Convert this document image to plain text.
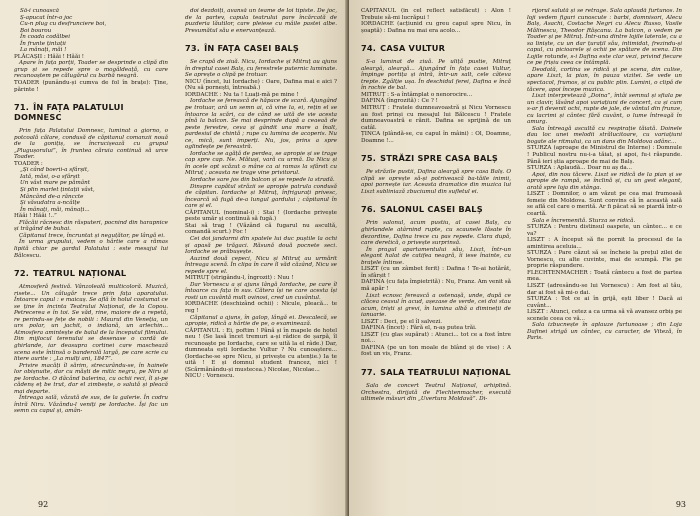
Să-i cunoască

Ș-apucat într-o joc

Cu-n plug cu desfrunciere boi,

Boi bourou

În coada codălbei

În frunte țintații

La mânați, măi !

PLĂCAȘII : Hăăi ! Hăăi !

Apare în fața porții, Toader se desprinde o clipă din grup și se repede spre o mogâldeață, cu care recunoaștem pe călugărul cu barbă neagră.

TOADER (punându-și cumva de fol în brațe): Ține, părinte !

71. ÎN FAȚA PALATULUI DOMNESC

Prin fața Palatului Domnesc, luminat a giorno, o potcoală călare, condusă de căpitanul comanzii nouă de la gonițiș, se încrucișează cu grupul „Plugușorului”, în fruntea căruia continuă să urce Toader.

TOADER :

„Și când boerii-a sfârșit,

Iată, măsi, o-a sfârșit

Un vâst mare pe pământ

Și plin marlet țintații vâst,

Mâncând de-a rănccte

Și văsudatra a-ncâlțe

În mânați, măi, mânați...

Hăăi ! Hăăi !..”

Flăcăii răcnesc din răsputeri, pocnind din harapnice și trăgând de buhai.

Căpitanul trece, încruntat și neguțător, pe lângă ei.

În urma grupului, vedem o hârtie care a rămas lipită chiar pe gardul Palatului : este mesajul lui Bălcescu.

72. TEATRUL NAȚIONAL

Atmosferă festivă. Vânzoleală multicoloră. Muzică, risete... Un câlugăr trece prin fața aparatului. Întoarce capul : e maicaș. Se află în holul costumat ce se ține în incinta Teatrului Național, de la Copou. Petrecerea e în toi. Se văd, rine, maiore de a repetă, re perindu-se fețe de nobili : Maurul din Veneția, un urs polar, un jachit, o indiană, un arlechin... Atmosfera amintește de balul de la începutul filmului. Din mijlocul terenului se desenase o cordă de ghirlande, iar deasupra cortinei care maschează scena este întinsă o banderolă largă, pe care scrie cu litere aurite : „La mulți ani, 1847”.

Privire macăți îl sărim, strecurându-se, în hainele lor obișnuite, dar cu măști de mitic negru, pe Niru și pe Iordache. O dâcând balerina, cu ochii reci, îl și-pe cădenș eț be trut, dar el zimbește, o salută și pleacă mai departe.

Întreaga sală, văzută de sus, de la galerie. În codru întră Niru. Văzându-l veniți pe Iordache. Își fac un semn cu capul și, amân-

doi dezdoiți, avansă un teame de loi tipiste. De joc, de la partev, capula teatrului pare încărcată de puzderia lăutilor, care pleiese cu mâile pastei albe. Presumătul său e enervanțează.

73. ÎN FAȚA CASEI BALȘ

Se crapă de ziuă. Nicu, Iordache și Mitruț au ajuns în dreptul casei Balș, cu ferestrele puternic luminate. Se aprește o clipă pe trotuar.

NICU (încet, lui Iordache) : Oare, Dafina mai e aici ? (Nu să pornești, întreabă.)

IORDACHE : Nu ta ! Luați-mă pe mine !

Iordache se ferească de hăpace de scară. Ajungând pe trotuar, ară un semn ai, că vine la, ei, rețin el se întoarce la scări, ca de când se uită de vie acesta pînă la balcon. Se mai desprinde după a ceaeaă de peste ferestre, ceva și gândit una mare a înalt, pardesiul de chintă ; rupe cu lumina de acoperis. Nu ce, mică, sunt imperți. Nu, jos, prins a spre oglindește pe fereastră.

Iordache se agăță de perdea, se apropie și se trage cap spre cap. Ne. Mătuși, vară cu urmă. Da Nicu și în acele opt scăzut o mâne ca ai ramas la sfârsit cu Mitruț ; aceasta ne trage vine privitorul.

Iordache sare jos din balcon și se repede la stradă.

Dinspre capătul străzii se apropie patrula condusă de căpitan. Iordache și Mitruț, înfrigurați privesc, încearcă să fugă de-a lungul gardului ; căpitanul în care și el.

CĂPITANUL (nominal-i) : Stai ! (Iordache privește peste umăr și continuă să fugă.)

Stai să trag ! (Văzând că fugarul nu ascultă, comandă scurt.) Foc !

Cei doi jandarmi din spatele lui duc puștile la ochi și apasă pe trăgaci. Răsună două pocnete seci. Iordache se prăbușește.

Auzind două cepeci, Nicu și Mitruț au urmărit întreaga scenă. În clipa în care îl văd căzând, Nicu se repede spre el.

MITRUȚ (strigându-l, îngrozit) : Nuu !

Dar Vornescu a și ajuns lângă Iordache, pe care îl întoarce cu fața în sus. Cătera își ne care acesta își rosti un cuvântă mult ovinosi, cred un cuvântul.

IORDACHE (deschizând ochii) : Nicule, pleacă... te reg !

Căpitanul a ajuns, în galop, lângă ei. Descalecă, se apropie, ridică a hârtie de pe, o examinează.

CĂPITANUL : Ei, poftim ! Până și în mapele de hotel neu ! (Se lasă încet tremuri a-și râdice de șarpă, îl recunoaște pe Iordache, care se uită la el râde.) Dar, dumneata ești Iordache Vultur ? Nu cunoaștere... (Iordache-se spre Nicu, și privește cu atenție.) Ia te uită ! E și domnul student francez, nici ! (Scărmănându-și mustecea.) Nicolae, Nicolae...

NICU : Vornescu.

92

CĂPITANUL (în cel reflect satisfăcut) : Alon ! Trebuie să-mi lucrăpui !

IORDACHE (acțiunid cu greu capul spre Nicu, în șoaptă) : Dafina nu mai era acolo...

74. CASA VULTUR

S-a luminat de ziuă. Pe uliță pustie, Mitruț aleargă, aleargă... Ajungând în fața casei Vultur, împinge portița și intră, într-un salt, cele câteva trepte. Zgâlție ușa. În deschidul ferei, Dafina e încă în rochie de bal.

MITRUȚ : S-a întâmplat o nenorocire...

DAFINA (îngrozită) : Ce ? !

MITRUȚ : Fratele dumneavoastră și Nicu Vornescu au fost prinși cu mesajul lui Bălcescu ! Fratele dumneavoastră e rănit. Dafina se sprijină de un catâl.

ȚINCA (plândă-se, cu capul în mâini) : Ol, Doamne, Doamne !...

75. STRĂZI SPRE CASA BALȘ

Pe străzile pustii, Dafina aleargă spre casa Balș. O clipă se oprește să-și potrivească ba-tăile inimii, apoi pornește iar. Aceasta dramatice din muzica lui Liszt subliniază zbuciumul din sufletul ei.

76. SALONUL CASEI BALȘ

Prin salonul, acum pustiu, al casei Balș, cu ghirlandele atârnind rupte, cu scaunele lăsate în dezordine, Dafina trece cu pas repede. Clara după, care deretică, o privește surprinsă.

În pragul apartamentului său, Liszt, într-un elegant halat de catifea neagră, îi iese înainte, cu brațele întinse.

LISZT (cu un zâmbet ferit) : Dafina ! Te-ai hotărât, în sfârșit !

DAFINA (cu fața împietrită) : Nu, Franz. Am venit să mă apăr !

Liszt ecnosc ferească a ostenașă, unde, după ce clăcea ceasul în acud, așezase de verde, cei doi stau acum, triști și grevi, în lumina albă a dimineții de ianuarie.

LISZT : Deci, pe el îl salvezi.

DAFINA (încet) : Fără el, n-aș putea trăi.

LISZT (cu glas supărat) : Atunci... tot ce a fost între noi...

DAFINA (pe un ton moale de blând și de vise) : A fost un vis, Franz.

77. SALA TEATRULUI NAȚIONAL

Sala de concert Teatrul Național, arhiplină. Orchestra, dirijată de Flechtenmacher, execută ultimele măsuri din „Uvertura Moldavă”. Di-

rijorul salută și se retrage. Sala aplaudă furtunos. În loji vedem figuri cunoscute : barbi, domnisori, Alecu Balș, Asachi, Costache Negri cu Alecu Russo, Vasile Mălinescu, Theodor Rășcanu. La balcon, o vedem pe Toader și pe Mitruț. Într-una dintre lojile laterale, cu a sa liniște, cu un dar țurațil său, intimidat, frezindu-și capul, cu picioarele și ochii pe spătare de scena. Din Lojile rotunde, s-i Dafina este clar vezi, privind fiecare ce pe frișiu ceea ce întâmplă.

Deodată, cortina se ridică și pe scena, din culise, apare Liszt, la pian, în pauza vizitei. Se vede un spectacol, frumos, și cu public plin. Lumini, o clipă de tăcere, apoi începe muzica.

Liszt interpretează „Doina”, întâi semnul și sfiala pe un clavir, lăsând apoi variațiuni de concert, ca și cum s-ar fi devenit ochi, rupte de jale, de vântul din frunze, cu lacrimi și cântec fără cuvânt, o lume întreagă în amurg.

Sala întreagă ascultă cu respirație tăiată. Doinele dau loc unei melodii strălucitoare, cu variațiuni bogate ale ritmului, ca un dans din Moldova adânc...

STURZA (aproape de Ministrul de Interne) : Domnule ! Publicul nostru nu-i-a tăiat, și apoi, fu-i răspunde. Până ieri știa aproape de mai de Balș.

STURZA : Aplaudă... Doar nu aș da...

Apoi, din nou tăcere. Liszt se ridică de la pian și se apropie de rampă, se înclină și, cu un gest elegant, arată spre loja din stânga.

LISZT : Domnilor, o am văzut pe cea mai frumoasă femeie din Moldova. Sunt convins că în această sală se află cel care o merită. Ar fi păcat să se piardă într-o ceartă.

Sala e încremenită. Sturza se ridică.

STURZA : Pentru distinsul oaspete, un cântec... e ce va?

LISZT : A început să fie pornit la procesul de la amintirea aceluia...

STURZA : Pare căzut să se încheie la prețul zilei de Vornescu, cu alte cuvinte, mai de scumpă. Fie pe proprie răspundere.

FLECHTENMACHER : Toată cântecu a fost de partea mea.

LISZT (adresându-se lui Vornescu) : Am fost al tău, dar ai fost să mi-o dai.

STURZA : Tot ce ai în grijă, ești liber ! Dacă ai cuvânt...

LISZT : Atunci, cetez a ca urma să vă avansez orbiș pe scenele ceea ce vă...

Sala izbucnește în aplauze furtunoase ; din Loja Dafinei strigă un cântec, cu caracter, de Viteză, în Paris.

93
